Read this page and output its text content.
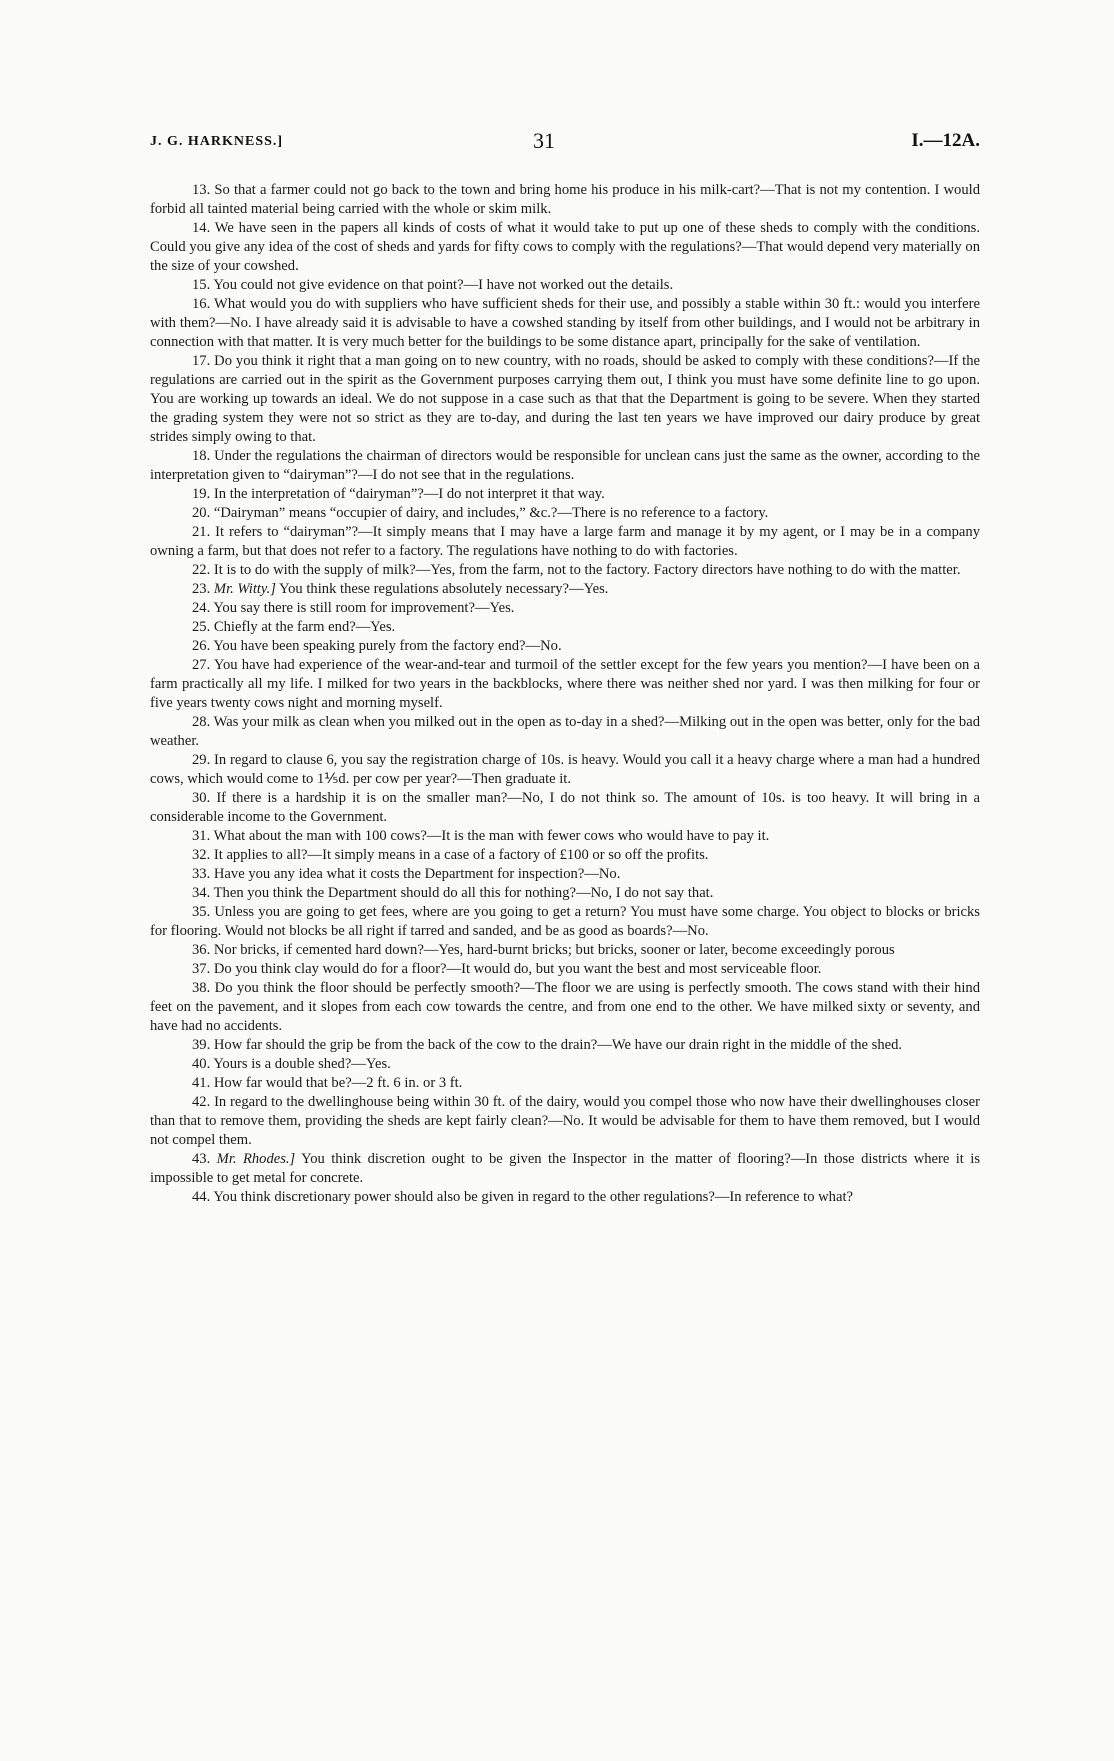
J. G. HARKNESS.]	31	I.—12A.

13. So that a farmer could not go back to the town and bring home his produce in his milk-cart?—That is not my contention. I would forbid all tainted material being carried with the whole or skim milk.

14. We have seen in the papers all kinds of costs of what it would take to put up one of these sheds to comply with the conditions. Could you give any idea of the cost of sheds and yards for fifty cows to comply with the regulations?—That would depend very materially on the size of your cowshed.

15. You could not give evidence on that point?—I have not worked out the details.

16. What would you do with suppliers who have sufficient sheds for their use, and possibly a stable within 30 ft.: would you interfere with them?—No. I have already said it is advisable to have a cowshed standing by itself from other buildings, and I would not be arbitrary in connection with that matter. It is very much better for the buildings to be some distance apart, principally for the sake of ventilation.

17. Do you think it right that a man going on to new country, with no roads, should be asked to comply with these conditions?—If the regulations are carried out in the spirit as the Government purposes carrying them out, I think you must have some definite line to go upon. You are working up towards an ideal. We do not suppose in a case such as that that the Department is going to be severe. When they started the grading system they were not so strict as they are to-day, and during the last ten years we have improved our dairy produce by great strides simply owing to that.

18. Under the regulations the chairman of directors would be responsible for unclean cans just the same as the owner, according to the interpretation given to “dairyman”?—I do not see that in the regulations.

19. In the interpretation of “dairyman”?—I do not interpret it that way.

20. “Dairyman” means “occupier of dairy, and includes,” &c.?—There is no reference to a factory.

21. It refers to “dairyman”?—It simply means that I may have a large farm and manage it by my agent, or I may be in a company owning a farm, but that does not refer to a factory. The regulations have nothing to do with factories.

22. It is to do with the supply of milk?—Yes, from the farm, not to the factory. Factory directors have nothing to do with the matter.

23. Mr. Witty.] You think these regulations absolutely necessary?—Yes.

24. You say there is still room for improvement?—Yes.

25. Chiefly at the farm end?—Yes.

26. You have been speaking purely from the factory end?—No.

27. You have had experience of the wear-and-tear and turmoil of the settler except for the few years you mention?—I have been on a farm practically all my life. I milked for two years in the backblocks, where there was neither shed nor yard. I was then milking for four or five years twenty cows night and morning myself.

28. Was your milk as clean when you milked out in the open as to-day in a shed?—Milking out in the open was better, only for the bad weather.

29. In regard to clause 6, you say the registration charge of 10s. is heavy. Would you call it a heavy charge where a man had a hundred cows, which would come to 1⅕d. per cow per year?—Then graduate it.

30. If there is a hardship it is on the smaller man?—No, I do not think so. The amount of 10s. is too heavy. It will bring in a considerable income to the Government.

31. What about the man with 100 cows?—It is the man with fewer cows who would have to pay it.

32. It applies to all?—It simply means in a case of a factory of £100 or so off the profits.

33. Have you any idea what it costs the Department for inspection?—No.

34. Then you think the Department should do all this for nothing?—No, I do not say that.

35. Unless you are going to get fees, where are you going to get a return? You must have some charge. You object to blocks or bricks for flooring. Would not blocks be all right if tarred and sanded, and be as good as boards?—No.

36. Nor bricks, if cemented hard down?—Yes, hard-burnt bricks; but bricks, sooner or later, become exceedingly porous

37. Do you think clay would do for a floor?—It would do, but you want the best and most serviceable floor.

38. Do you think the floor should be perfectly smooth?—The floor we are using is perfectly smooth. The cows stand with their hind feet on the pavement, and it slopes from each cow towards the centre, and from one end to the other. We have milked sixty or seventy, and have had no accidents.

39. How far should the grip be from the back of the cow to the drain?—We have our drain right in the middle of the shed.

40. Yours is a double shed?—Yes.

41. How far would that be?—2 ft. 6 in. or 3 ft.

42. In regard to the dwellinghouse being within 30 ft. of the dairy, would you compel those who now have their dwellinghouses closer than that to remove them, providing the sheds are kept fairly clean?—No. It would be advisable for them to have them removed, but I would not compel them.

43. Mr. Rhodes.] You think discretion ought to be given the Inspector in the matter of flooring?—In those districts where it is impossible to get metal for concrete.

44. You think discretionary power should also be given in regard to the other regulations?—In reference to what?
